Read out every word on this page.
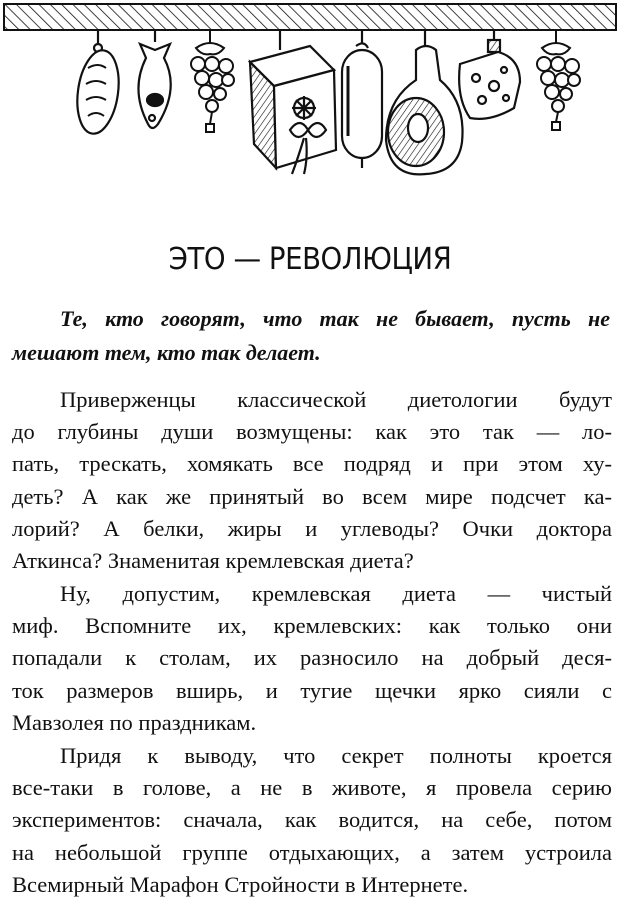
ЭТО — РЕВОЛЮЦИЯ
Те, кто говорят, что так не бывает, пусть не
мешают тем, кто так делает.
Приверженцы классической диетологии будут
до глубины души возмущены: как это так — ло-
пать, трескать, хомякать все подряд и при этом ху-
деть? А как же принятый во всем мире подсчет ка-
лорий? А белки, жиры и углеводы? Очки доктора
Аткинса? Знаменитая кремлевская диета?
Ну, допустим, кремлевская диета — чистый
миф. Вспомните их, кремлевских: как только они
попадали к столам, их разносило на добрый деся-
ток размеров вширь, и тугие щечки ярко сияли с
Мавзолея по праздникам.
Придя к выводу, что секрет полноты кроется
все-таки в голове, а не в животе, я провела серию
экспериментов: сначала, как водится, на себе, потом
на небольшой группе отдыхающих, а затем устроила
Всемирный Марафон Стройности в Интернете.
